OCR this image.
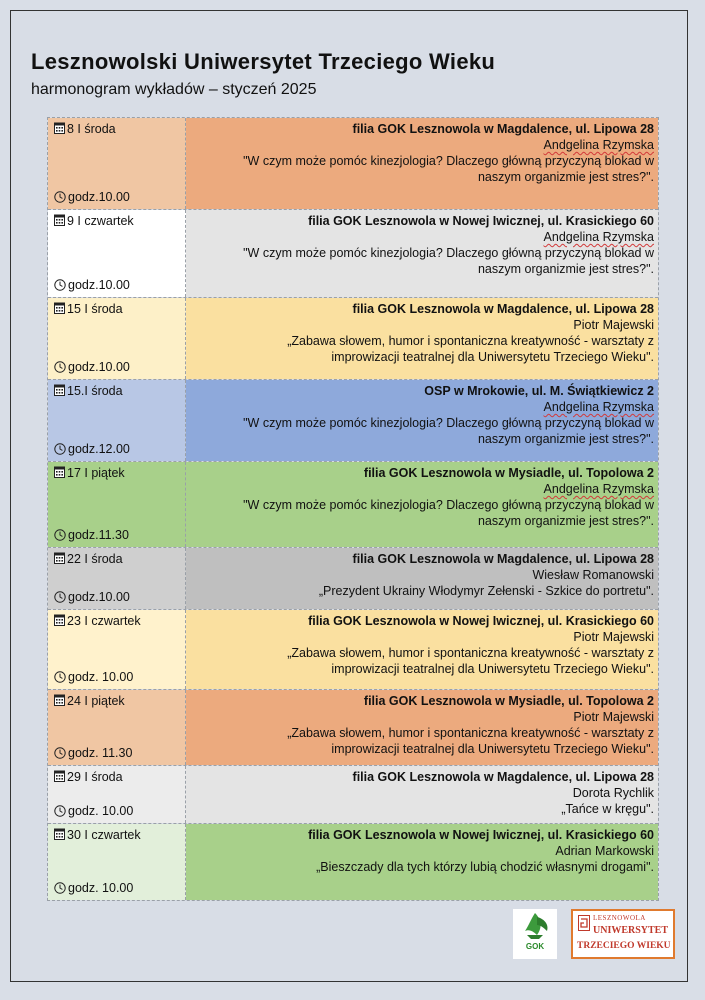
Lesznowolski Uniwersytet Trzeciego Wieku
harmonogram wykładów – styczeń 2025
8 I środa
godz.10.00
filia GOK Lesznowola w Magdalence, ul. Lipowa 28
Andgelina Rzymska
"W czym może pomóc kinezjologia? Dlaczego główną przyczyną blokad w
naszym organizmie jest stres?".
9 I czwartek
godz.10.00
filia GOK Lesznowola w Nowej Iwicznej, ul. Krasickiego 60
Andgelina Rzymska
"W czym może pomóc kinezjologia? Dlaczego główną przyczyną blokad w
naszym organizmie jest stres?".
15 I środa
godz.10.00
filia GOK Lesznowola w Magdalence, ul. Lipowa 28
Piotr Majewski
„Zabawa słowem, humor i spontaniczna kreatywność - warsztaty z
improwizacji teatralnej dla Uniwersytetu Trzeciego Wieku".
15.I środa
godz.12.00
OSP w Mrokowie, ul. M. Świątkiewicz 2
Andgelina Rzymska
"W czym może pomóc kinezjologia? Dlaczego główną przyczyną blokad w
naszym organizmie jest stres?".
17 I piątek
godz.11.30
filia GOK Lesznowola w Mysiadle, ul. Topolowa 2
Andgelina Rzymska
"W czym może pomóc kinezjologia? Dlaczego główną przyczyną blokad w
naszym organizmie jest stres?".
22 I środa
godz.10.00
filia GOK Lesznowola w Magdalence, ul. Lipowa 28
Wiesław Romanowski
„Prezydent Ukrainy Włodymyr Zełenski - Szkice do portretu".
23 I czwartek
godz. 10.00
filia GOK Lesznowola w Nowej Iwicznej, ul. Krasickiego 60
Piotr Majewski
„Zabawa słowem, humor i spontaniczna kreatywność - warsztaty z
improwizacji teatralnej dla Uniwersytetu Trzeciego Wieku".
24 I piątek
godz. 11.30
filia GOK Lesznowola w Mysiadle, ul. Topolowa 2
Piotr Majewski
„Zabawa słowem, humor i spontaniczna kreatywność - warsztaty z
improwizacji teatralnej dla Uniwersytetu Trzeciego Wieku".
29 I środa
godz. 10.00
filia GOK Lesznowola w Magdalence, ul. Lipowa 28
Dorota Rychlik
„Tańce w kręgu".
30 I czwartek
godz. 10.00
filia GOK Lesznowola w Nowej Iwicznej, ul. Krasickiego 60
Adrian Markowski
„Bieszczady dla tych którzy lubią chodzić własnymi drogami".
GOK
LESZNOWOLA
UNIWERSYTET
TRZECIEGO WIEKU
